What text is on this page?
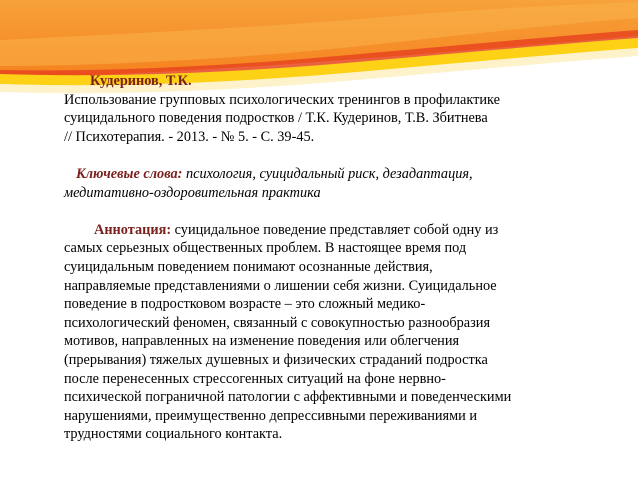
Кудеринов, Т.К.

Использование групповых психологических тренингов в профилактике

суицидального поведения подростков / Т.К. Кудеринов, Т.В. Збитнева

// Психотерапия. - 2013. - № 5. - С. 39-45.

Ключевые слова: психология, суицидальный риск, дезадаптация,

медитативно-оздоровительная практика

Аннотация: суицидальное поведение представляет собой одну из

самых серьезных общественных проблем. В настоящее время под

суицидальным поведением понимают осознанные действия,

направляемые представлениями о лишении себя жизни. Суицидальное

поведение в подростковом возрасте – это сложный медико-

психологический феномен, связанный с совокупностью разнообразия

мотивов, направленных на изменение поведения или облегчения

(прерывания) тяжелых душевных и физических страданий подростка

после перенесенных стрессогенных ситуаций на фоне нервно-

психической пограничной патологии с аффективными и поведенческими

нарушениями, преимущественно депрессивными переживаниями и

трудностями социального контакта.
